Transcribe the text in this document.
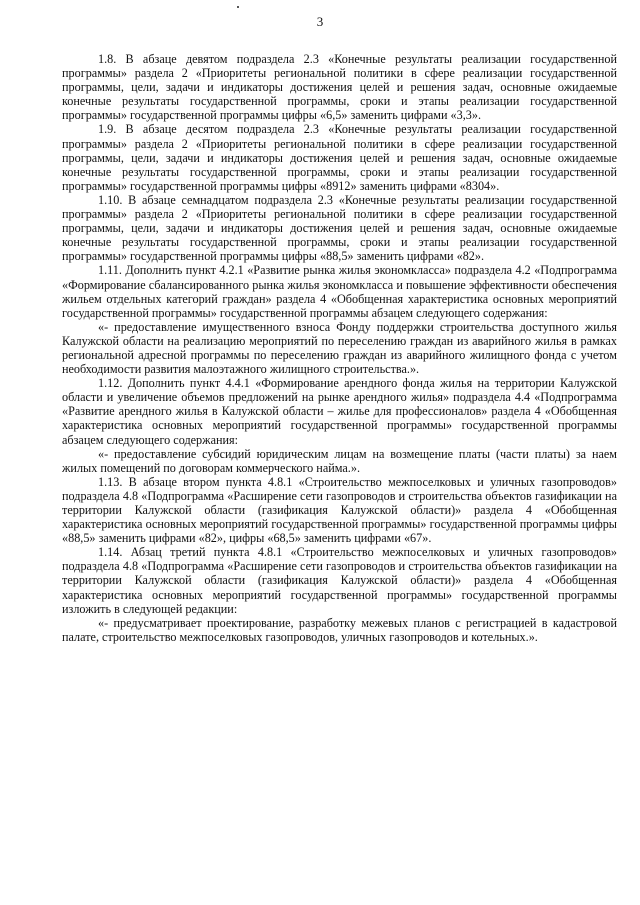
3

1.8. В абзаце девятом подраздела 2.3 «Конечные результаты реализации государственной программы» раздела 2 «Приоритеты региональной политики в сфере реализации государственной программы, цели, задачи и индикаторы достижения целей и решения задач, основные ожидаемые конечные результаты государственной программы, сроки и этапы реализации государственной программы» государственной программы цифры «6,5» заменить цифрами «3,3».

1.9. В абзаце десятом подраздела 2.3 «Конечные результаты реализации государственной программы» раздела 2 «Приоритеты региональной политики в сфере реализации государственной программы, цели, задачи и индикаторы достижения целей и решения задач, основные ожидаемые конечные результаты государственной программы, сроки и этапы реализации государственной программы» государственной программы цифры «8912» заменить цифрами «8304».

1.10. В абзаце семнадцатом подраздела 2.3 «Конечные результаты реализации государственной программы» раздела 2 «Приоритеты региональной политики в сфере реализации государственной программы, цели, задачи и индикаторы достижения целей и решения задач, основные ожидаемые конечные результаты государственной программы, сроки и этапы реализации государственной программы» государственной программы цифры «88,5» заменить цифрами «82».

1.11. Дополнить пункт 4.2.1 «Развитие рынка жилья экономкласса» подраздела 4.2 «Подпрограмма «Формирование сбалансированного рынка жилья экономкласса и повышение эффективности обеспечения жильем отдельных категорий граждан» раздела 4 «Обобщенная характеристика основных мероприятий государственной программы» государственной программы абзацем следующего содержания:

«- предоставление имущественного взноса Фонду поддержки строительства доступного жилья Калужской области на реализацию мероприятий по переселению граждан из аварийного жилья в рамках региональной адресной программы по переселению граждан из аварийного жилищного фонда с учетом необходимости развития малоэтажного жилищного строительства.».

1.12. Дополнить пункт 4.4.1 «Формирование арендного фонда жилья на территории Калужской области и увеличение объемов предложений на рынке арендного жилья» подраздела 4.4 «Подпрограмма «Развитие арендного жилья в Калужской области – жилье для профессионалов» раздела 4 «Обобщенная характеристика основных мероприятий государственной программы» государственной программы абзацем следующего содержания:

«- предоставление субсидий юридическим лицам на возмещение платы (части платы) за наем жилых помещений по договорам коммерческого найма.».

1.13. В абзаце втором пункта 4.8.1 «Строительство межпоселковых и уличных газопроводов» подраздела 4.8 «Подпрограмма «Расширение сети газопроводов и строительства объектов газификации на территории Калужской области (газификация Калужской области)» раздела 4 «Обобщенная характеристика основных мероприятий государственной программы» государственной программы цифры «88,5» заменить цифрами «82», цифры «68,5» заменить цифрами «67».

1.14. Абзац третий пункта 4.8.1 «Строительство межпоселковых и уличных газопроводов» подраздела 4.8 «Подпрограмма «Расширение сети газопроводов и строительства объектов газификации на территории Калужской области (газификация Калужской области)» раздела 4 «Обобщенная характеристика основных мероприятий государственной программы» государственной программы изложить в следующей редакции:

«- предусматривает проектирование, разработку межевых планов с регистрацией в кадастровой палате, строительство межпоселковых газопроводов, уличных газопроводов и котельных.».
